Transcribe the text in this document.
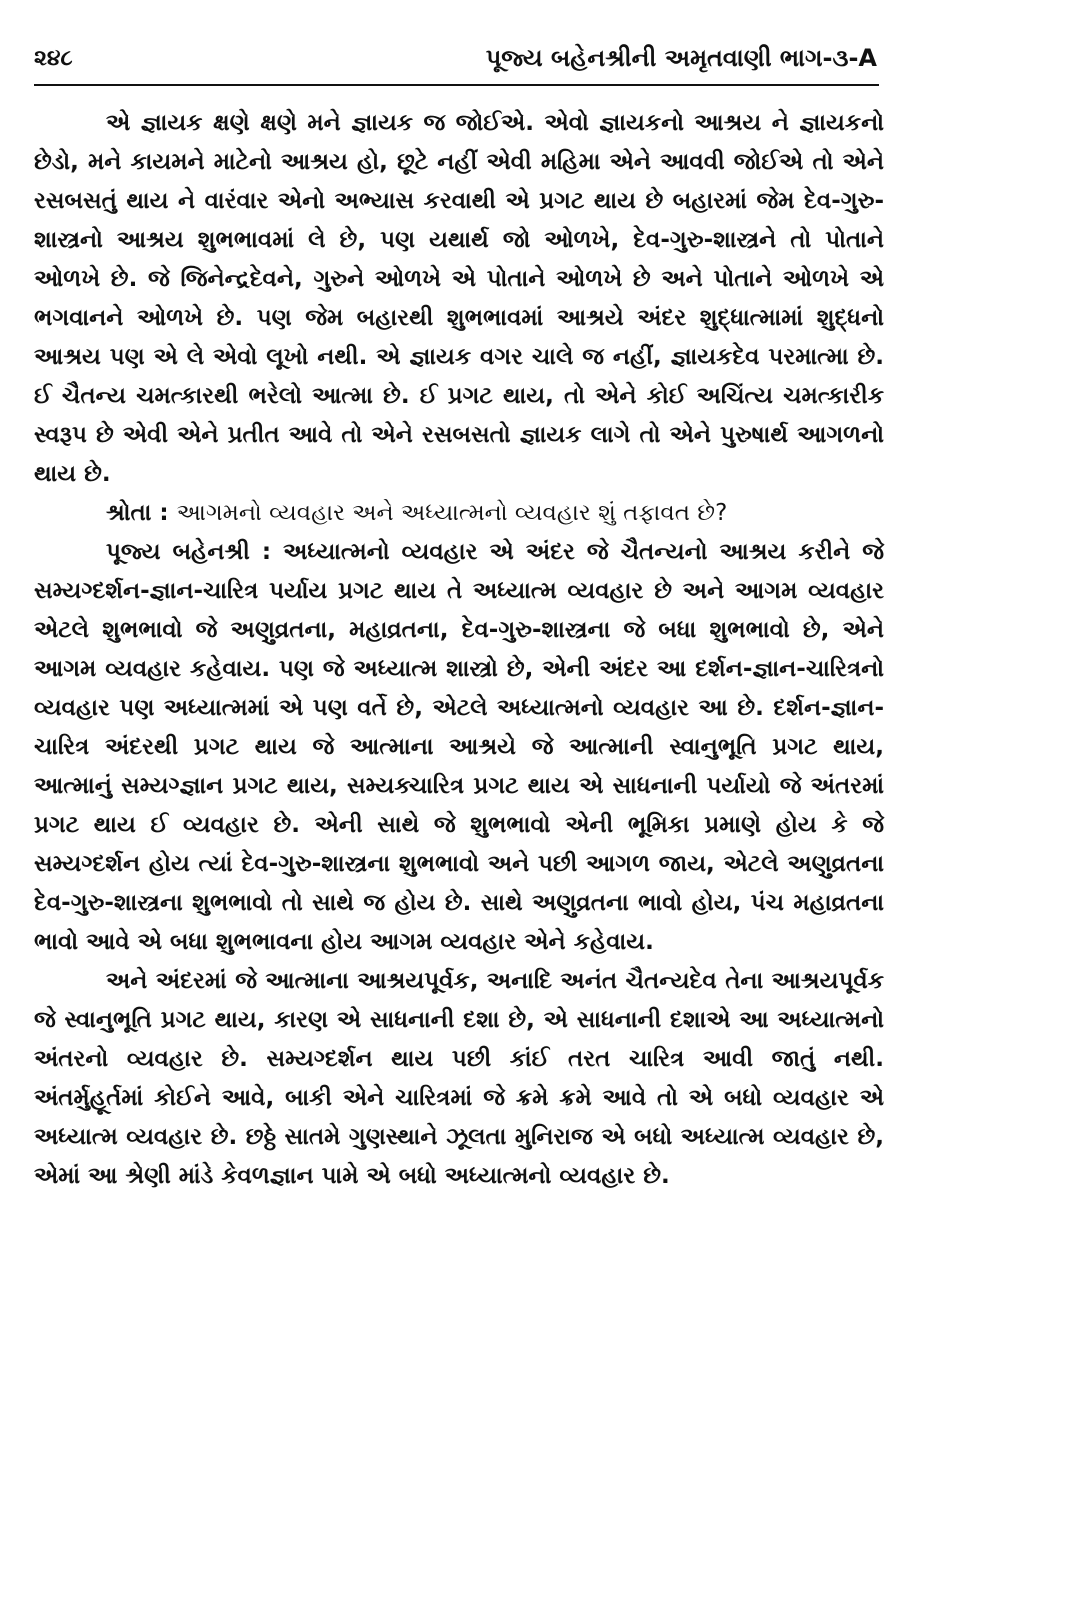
૨૪૮	પૂજ્ય બહેનશ્રીની અમૃતવાણી ભાગ-૩-A

એ જ્ઞાયક ક્ષણે ક્ષણે મને જ્ઞાયક જ જોઈએ. એવો જ્ઞાયકનો આશ્રય ને જ્ઞાયકનો છેડો, મને કાયમને માટેનો આશ્રય હો, છૂટે નહીં એવી મહિમા એને આવવી જોઈએ તો એને રસબસતું થાય ને વારંવાર એનો અભ્યાસ કરવાથી એ પ્રગટ થાય છે બહારમાં જેમ દેવ-ગુરુ-શાસ્ત્રનો આશ્રય શુભભાવમાં લે છે, પણ યથાર્થ જો ઓળખે, દેવ-ગુરુ-શાસ્ત્રને તો પોતાને ઓળખે છે. જે જિનેન્દ્રદેવને, ગુરુને ઓળખે એ પોતાને ઓળખે છે અને પોતાને ઓળખે એ ભગવાનને ઓળખે છે. પણ જેમ બહારથી શુભભાવમાં આશ્રયે અંદર શુદ્ધાત્મામાં શુદ્ધનો આશ્રય પણ એ લે એવો લૂખો નથી. એ જ્ઞાયક વગર ચાલે જ નહીં, જ્ઞાયકદેવ પરમાત્મા છે. ઈ ચૈતન્ય ચમત્કારથી ભરેલો આત્મા છે. ઈ પ્રગટ થાય, તો એને કોઈ અચિંત્ય ચમત્કારીક સ્વરૂપ છે એવી એને પ્રતીત આવે તો એને રસબસતો જ્ઞાયક લાગે તો એને પુરુષાર્થ આગળનો થાય છે.

શ્રોતા : આગમનો વ્યવહાર અને અધ્યાત્મનો વ્યવહાર શું તફાવત છે?

પૂજ્ય બહેનશ્રી : અધ્યાત્મનો વ્યવહાર એ અંદર જે ચૈતન્યનો આશ્રય કરીને જે સમ્યગ્દર્શન-જ્ઞાન-ચારિત્ર પર્યાય પ્રગટ થાય તે અધ્યાત્મ વ્યવહાર છે અને આગમ વ્યવહાર એટલે શુભભાવો જે અણુવ્રતના, મહાવ્રતના, દેવ-ગુરુ-શાસ્ત્રના જે બધા શુભભાવો છે, એને આગમ વ્યવહાર કહેવાય. પણ જે અધ્યાત્મ શાસ્ત્રો છે, એની અંદર આ દર્શન-જ્ઞાન-ચારિત્રનો વ્યવહાર પણ અધ્યાત્મમાં એ પણ વર્તે છે, એટલે અધ્યાત્મનો વ્યવહાર આ છે. દર્શન-જ્ઞાન-ચારિત્ર અંદરથી પ્રગટ થાય જે આત્માના આશ્રયે જે આત્માની સ્વાનુભૂતિ પ્રગટ થાય, આત્માનું સમ્યગ્જ્ઞાન પ્રગટ થાય, સમ્યક્ચારિત્ર પ્રગટ થાય એ સાધનાની પર્યાયો જે અંતરમાં પ્રગટ થાય ઈ વ્યવહાર છે. એની સાથે જે શુભભાવો એની ભૂમિકા પ્રમાણે હોય કે જે સમ્યગ્દર્શન હોય ત્યાં દેવ-ગુરુ-શાસ્ત્રના શુભભાવો અને પછી આગળ જાય, એટલે અણુવ્રતના દેવ-ગુરુ-શાસ્ત્રના શુભભાવો તો સાથે જ હોય છે. સાથે અણુવ્રતના ભાવો હોય, પંચ મહાવ્રતના ભાવો આવે એ બધા શુભભાવના હોય આગમ વ્યવહાર એને કહેવાય.

અને અંદરમાં જે આત્માના આશ્રયપૂર્વક, અનાદિ અનંત ચૈતન્યદેવ તેના આશ્રયપૂર્વક જે સ્વાનુભૂતિ પ્રગટ થાય, કારણ એ સાધનાની દશા છે, એ સાધનાની દશાએ આ અધ્યાત્મનો અંતરનો વ્યવહાર છે. સમ્યગ્દર્શન થાય પછી કાંઈ તરત ચારિત્ર આવી જાતું નથી. અંતર્મુહૂર્તમાં કોઈને આવે, બાકી એને ચારિત્રમાં જે ક્રમે ક્રમે આવે તો એ બધો વ્યવહાર એ અધ્યાત્મ વ્યવહાર છે. છઠ્ઠે સાતમે ગુણસ્થાને ઝૂલતા મુનિરાજ એ બધો અધ્યાત્મ વ્યવહાર છે, એમાં આ શ્રેણી માંડે કેવળજ્ઞાન પામે એ બધો અધ્યાત્મનો વ્યવહાર છે.
